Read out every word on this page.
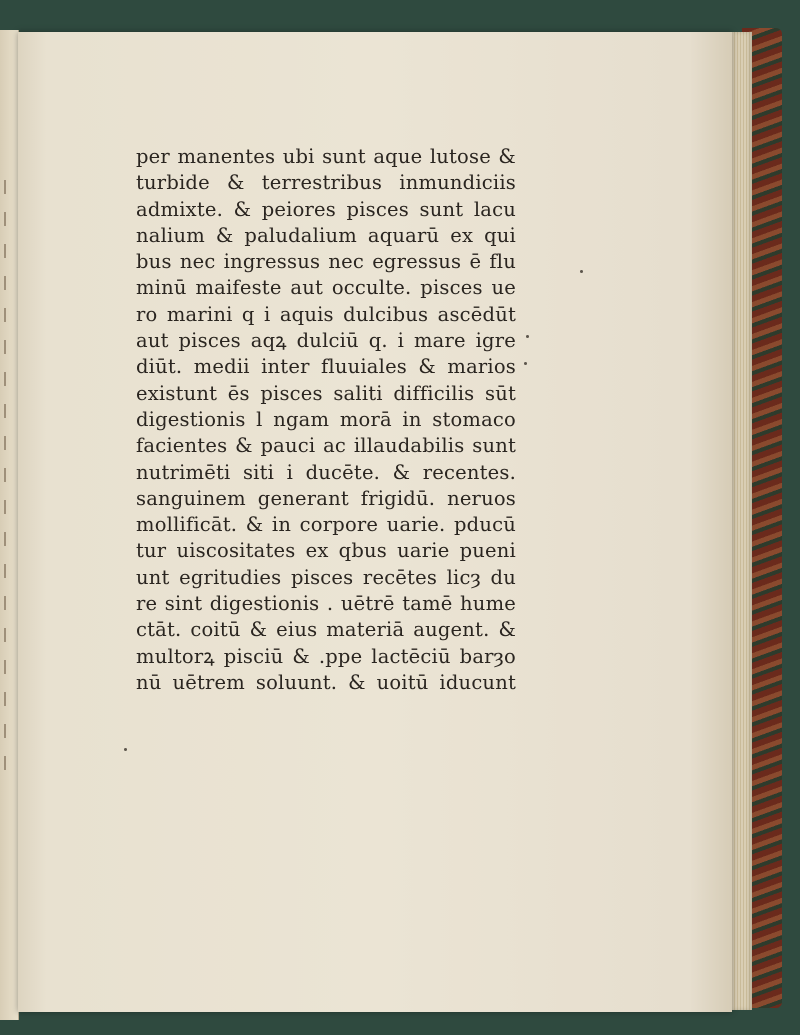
per manentes ubi sunt aque lutose &
turbide & terrestribus inmundiciis
admixte. & peiores pisces sunt lacu
nalium & paludalium aquarū ex qui
bus nec ingressus nec egressus ē flu
minū maifeste aut occulte. pisces ue
ro marini q i aquis dulcibus ascēdūt
aut pisces aqꝝ dulciū q. i mare igre
diūt. medii inter fluuiales & marios
existunt ēs pisces saliti difficilis sūt
digestionis l ngam morā in stomaco
facientes & pauci ac illaudabilis sunt
nutrimēti siti i ducēte. & recentes.
sanguinem generant frigidū. neruos
mollificāt. & in corpore uarie. pducū
tur uiscositates ex qbus uarie pueni
unt egritudies pisces recētes licȝ du
re sint digestionis . uētrē tamē hume
ctāt. coitū & eius materiā augent. &
multorꝝ pisciū & .ppe lactēciū barȝo
nū uētrem soluunt. & uoitū iducunt
